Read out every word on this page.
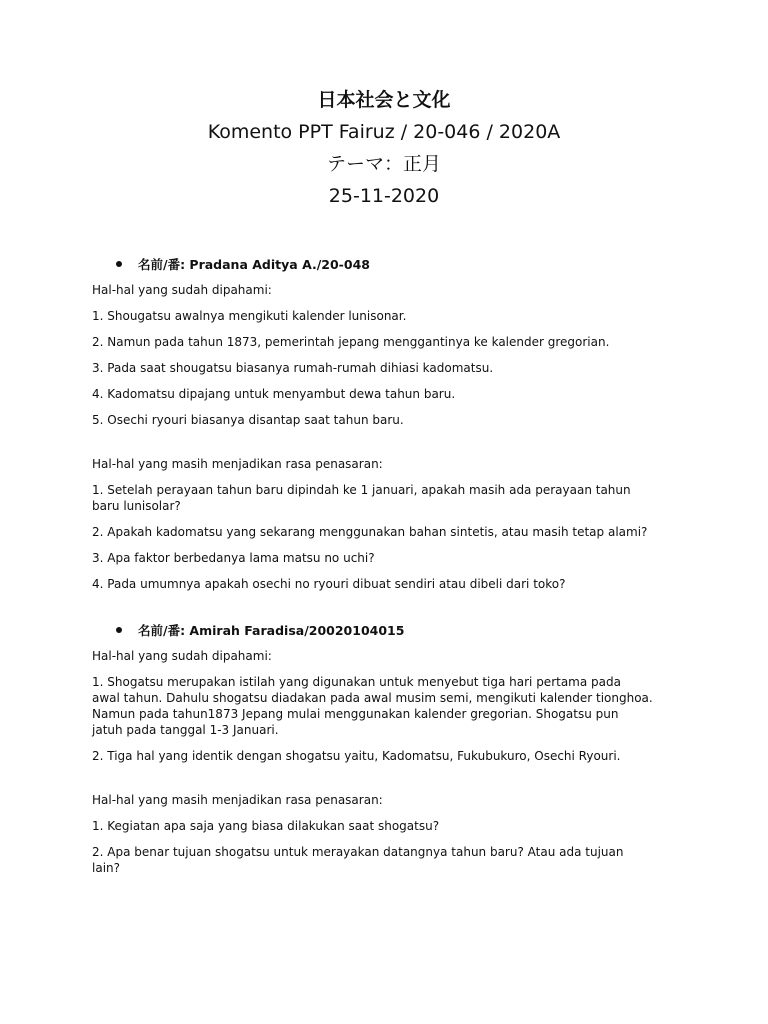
日本社会と文化
Komento PPT Fairuz / 20-046 / 2020A
テーマ：正月
25-11-2020
名前/番: Pradana Aditya A./20-048

Hal-hal yang sudah dipahami:

1. Shougatsu awalnya mengikuti kalender lunisonar.

2. Namun pada tahun 1873, pemerintah jepang menggantinya ke kalender gregorian.

3. Pada saat shougatsu biasanya rumah-rumah dihiasi kadomatsu.

4. Kadomatsu dipajang untuk menyambut dewa tahun baru.

5. Osechi ryouri biasanya disantap saat tahun baru.

Hal-hal yang masih menjadikan rasa penasaran:

1. Setelah perayaan tahun baru dipindah ke 1 januari, apakah masih ada perayaan tahun
baru lunisolar?

2. Apakah kadomatsu yang sekarang menggunakan bahan sintetis, atau masih tetap alami?

3. Apa faktor berbedanya lama matsu no uchi?

4. Pada umumnya apakah osechi no ryouri dibuat sendiri atau dibeli dari toko?

名前/番: Amirah Faradisa/20020104015

Hal-hal yang sudah dipahami:

1. Shogatsu merupakan istilah yang digunakan untuk menyebut tiga hari pertama pada
awal tahun. Dahulu shogatsu diadakan pada awal musim semi, mengikuti kalender tionghoa.
Namun pada tahun1873 Jepang mulai menggunakan kalender gregorian. Shogatsu pun
jatuh pada tanggal 1-3 Januari.

2. Tiga hal yang identik dengan shogatsu yaitu, Kadomatsu, Fukubukuro, Osechi Ryouri.

Hal-hal yang masih menjadikan rasa penasaran:

1. Kegiatan apa saja yang biasa dilakukan saat shogatsu?

2. Apa benar tujuan shogatsu untuk merayakan datangnya tahun baru? Atau ada tujuan
lain?
